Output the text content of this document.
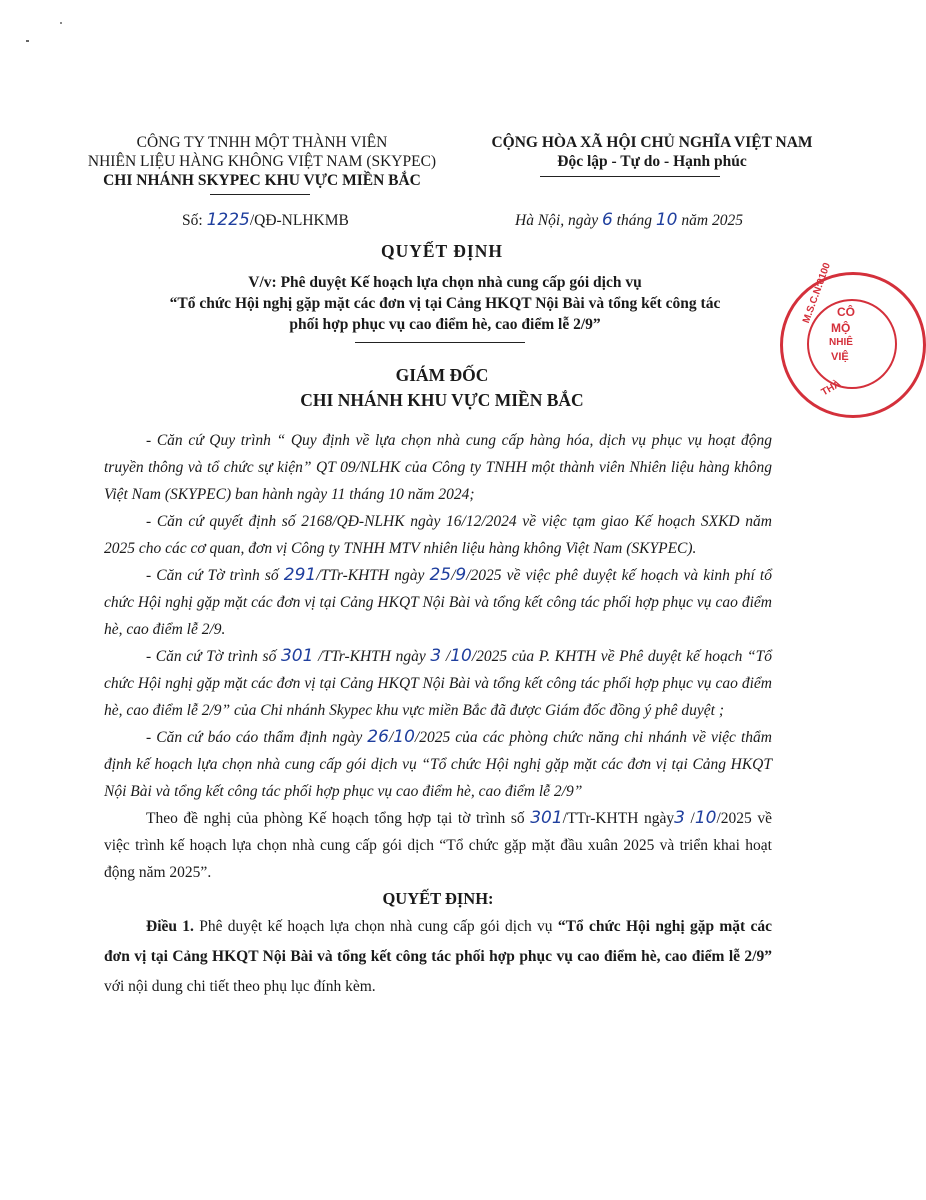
CÔNG TY TNHH MỘT THÀNH VIÊN
NHIÊN LIỆU HÀNG KHÔNG VIỆT NAM (SKYPEC)
CHI NHÁNH SKYPEC KHU VỰC MIỀN BẮC
CỘNG HÒA XÃ HỘI CHỦ NGHĨA VIỆT NAM
Độc lập - Tự do - Hạnh phúc
Số: 1225/QĐ-NLHKMB	Hà Nội, ngày 6 tháng 10 năm 2025
QUYẾT ĐỊNH
V/v: Phê duyệt Kế hoạch lựa chọn nhà cung cấp gói dịch vụ
“Tổ chức Hội nghị gặp mặt các đơn vị tại Cảng HKQT Nội Bài và tổng kết công tác
phối hợp phục vụ cao điểm hè, cao điểm lễ 2/9”
GIÁM ĐỐC
CHI NHÁNH KHU VỰC MIỀN BẮC
- Căn cứ Quy trình “ Quy định về lựa chọn nhà cung cấp hàng hóa, dịch vụ phục vụ hoạt động truyền thông và tổ chức sự kiện” QT 09/NLHK của Công ty TNHH một thành viên Nhiên liệu hàng không Việt Nam (SKYPEC) ban hành ngày 11 tháng 10 năm 2024;
- Căn cứ quyết định số 2168/QĐ-NLHK ngày 16/12/2024 về việc tạm giao Kế hoạch SXKD năm 2025 cho các cơ quan, đơn vị Công ty TNHH MTV nhiên liệu hàng không Việt Nam (SKYPEC).
- Căn cứ Tờ trình số 291/TTr-KHTH ngày 25/9/2025 về việc phê duyệt kế hoạch và kinh phí tổ chức Hội nghị gặp mặt các đơn vị tại Cảng HKQT Nội Bài và tổng kết công tác phối hợp phục vụ cao điểm hè, cao điểm lễ 2/9.
- Căn cứ Tờ trình số 301 /TTr-KHTH ngày 3 /10/2025 của P. KHTH về Phê duyệt kế hoạch “Tổ chức Hội nghị gặp mặt các đơn vị tại Cảng HKQT Nội Bài và tổng kết công tác phối hợp phục vụ cao điểm hè, cao điểm lễ 2/9” của Chi nhánh Skypec khu vực miền Bắc đã được Giám đốc đồng ý phê duyệt ;
- Căn cứ báo cáo thẩm định ngày 26/10/2025 của các phòng chức năng chi nhánh về việc thẩm định kế hoạch lựa chọn nhà cung cấp gói dịch vụ “Tổ chức Hội nghị gặp mặt các đơn vị tại Cảng HKQT Nội Bài và tổng kết công tác phối hợp phục vụ cao điểm hè, cao điểm lễ 2/9”
Theo đề nghị của phòng Kế hoạch tổng hợp tại tờ trình số 301/TTr-KHTH ngày3 /10/2025 về việc trình kế hoạch lựa chọn nhà cung cấp gói dịch “Tổ chức gặp mặt đầu xuân 2025 và triển khai hoạt động năm 2025”.
QUYẾT ĐỊNH:
Điều 1. Phê duyệt kế hoạch lựa chọn nhà cung cấp gói dịch vụ “Tổ chức Hội nghị gặp mặt các đơn vị tại Cảng HKQT Nội Bài và tổng kết công tác phối hợp phục vụ cao điểm hè, cao điểm lễ 2/9” với nội dung chi tiết theo phụ lục đính kèm.
M.S.C.N:0100 CÔ
MỘ
NHIÊ
VIỆ
THÀ
